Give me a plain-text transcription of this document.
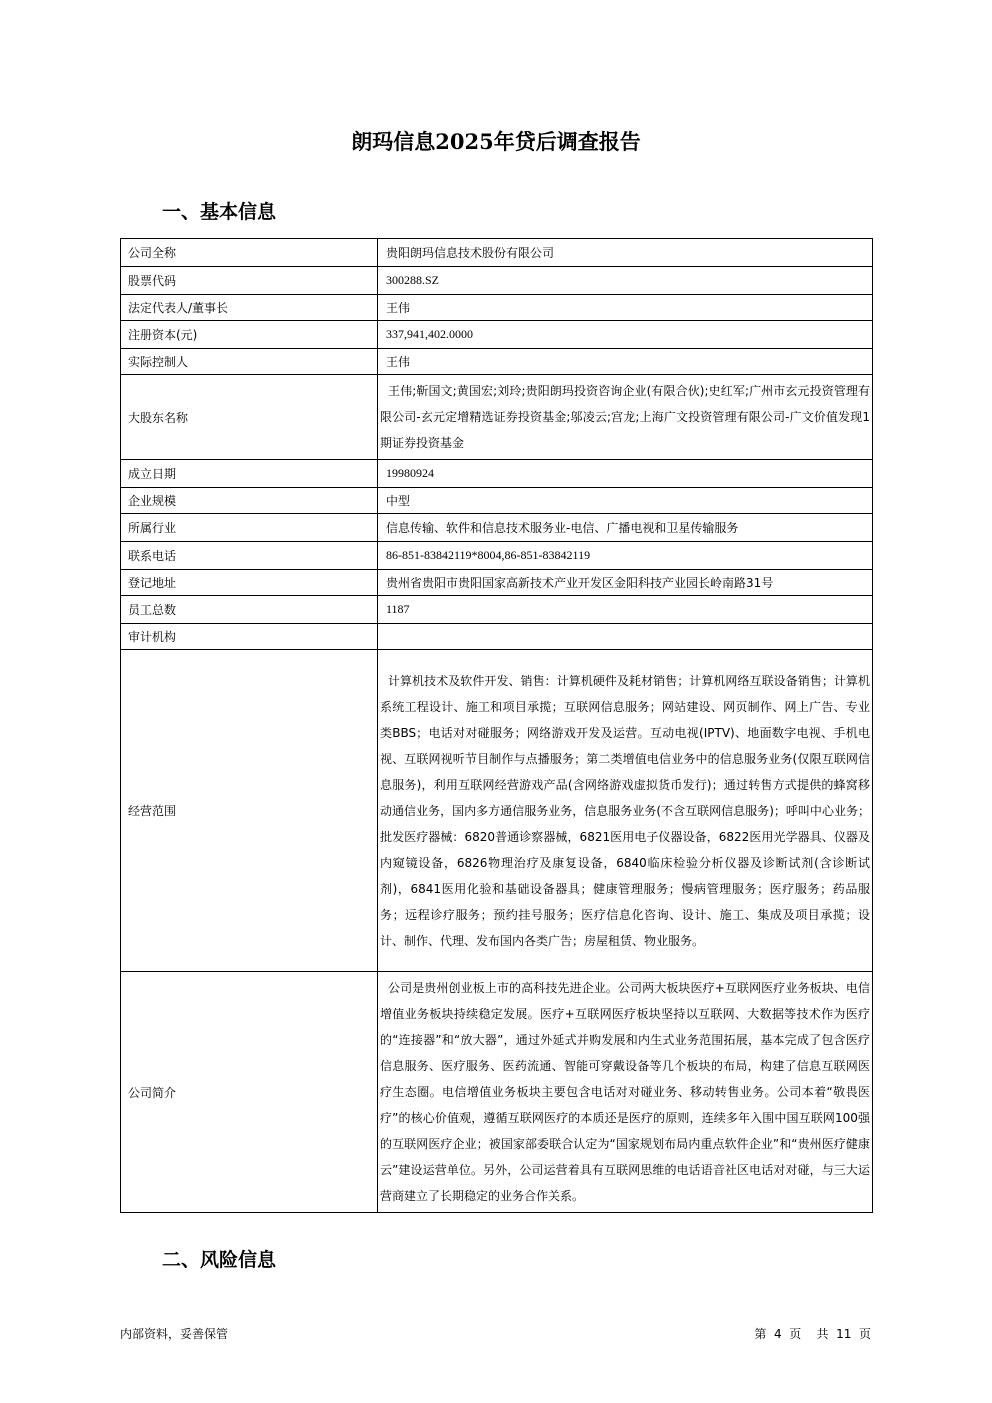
朗玛信息2025年贷后调查报告
一、基本信息
公司全称	贵阳朗玛信息技术股份有限公司
股票代码	300288.SZ
法定代表人/董事长	王伟
注册资本(元)	337,941,402.0000
实际控制人	王伟
大股东名称	王伟;靳国文;黄国宏;刘玲;贵阳朗玛投资咨询企业(有限合伙);史红军;广州市玄元投资管理有限公司-玄元定增精选证券投资基金;邬凌云;宫龙;上海广文投资管理有限公司-广文价值发现1期证券投资基金
成立日期	19980924
企业规模	中型
所属行业	信息传输、软件和信息技术服务业-电信、广播电视和卫星传输服务
联系电话	86-851-83842119*8004,86-851-83842119
登记地址	贵州省贵阳市贵阳国家高新技术产业开发区金阳科技产业园长岭南路31号
员工总数	1187
审计机构	
经营范围	计算机技术及软件开发、销售：计算机硬件及耗材销售；计算机网络互联设备销售；计算机系统工程设计、施工和项目承揽；互联网信息服务；网站建设、网页制作、网上广告、专业类BBS；电话对对碰服务；网络游戏开发及运营。互动电视(IPTV)、地面数字电视、手机电视、互联网视听节目制作与点播服务；第二类增值电信业务中的信息服务业务(仅限互联网信息服务)，利用互联网经营游戏产品(含网络游戏虚拟货币发行)；通过转售方式提供的蜂窝移动通信业务，国内多方通信服务业务，信息服务业务(不含互联网信息服务)；呼叫中心业务；批发医疗器械：6820普通诊察器械，6821医用电子仪器设备，6822医用光学器具、仪器及内窥镜设备，6826物理治疗及康复设备，6840临床检验分析仪器及诊断试剂(含诊断试剂)，6841医用化验和基础设备器具；健康管理服务；慢病管理服务；医疗服务；药品服务；远程诊疗服务；预约挂号服务；医疗信息化咨询、设计、施工、集成及项目承揽；设计、制作、代理、发布国内各类广告；房屋租赁、物业服务。
公司简介	公司是贵州创业板上市的高科技先进企业。公司两大板块医疗+互联网医疗业务板块、电信增值业务板块持续稳定发展。医疗+互联网医疗板块坚持以互联网、大数据等技术作为医疗的“连接器”和“放大器”，通过外延式并购发展和内生式业务范围拓展，基本完成了包含医疗信息服务、医疗服务、医药流通、智能可穿戴设备等几个板块的布局，构建了信息互联网医疗生态圈。电信增值业务板块主要包含电话对对碰业务、移动转售业务。公司本着“敬畏医疗”的核心价值观，遵循互联网医疗的本质还是医疗的原则，连续多年入围中国互联网100强的互联网医疗企业；被国家部委联合认定为“国家规划布局内重点软件企业”和“贵州医疗健康云”建设运营单位。另外，公司运营着具有互联网思维的电话语音社区电话对对碰，与三大运营商建立了长期稳定的业务合作关系。
二、风险信息
内部资料，妥善保管	第  4  页    共  11  页
